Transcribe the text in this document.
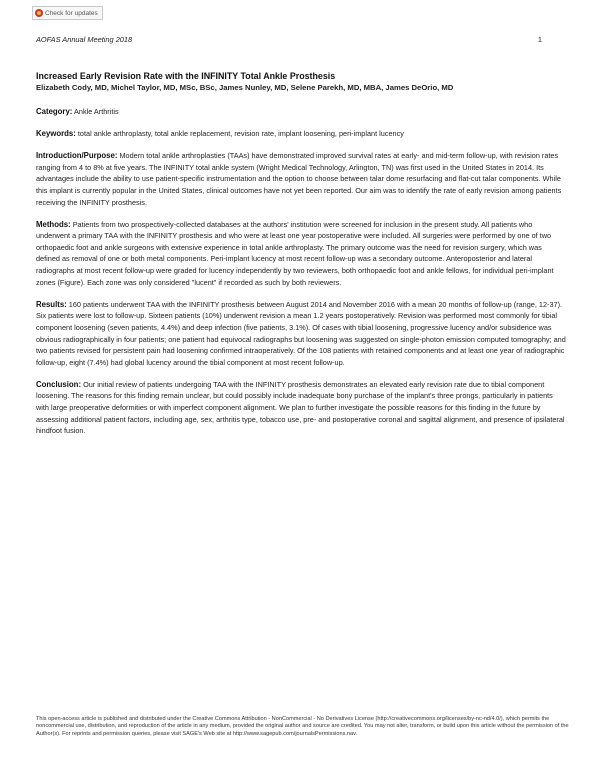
Check for updates
AOFAS Annual Meeting 2018	1

Increased Early Revision Rate with the INFINITY Total Ankle Prosthesis

Elizabeth Cody, MD, Michel Taylor, MD, MSc, BSc, James Nunley, MD, Selene Parekh, MD, MBA, James DeOrio, MD

Category: Ankle Arthritis

Keywords: total ankle arthroplasty, total ankle replacement, revision rate, implant loosening, peri-implant lucency

Introduction/Purpose: Modern total ankle arthroplasties (TAAs) have demonstrated improved survival rates at early- and mid-term follow-up, with revision rates ranging from 4 to 8% at five years. The INFINITY total ankle system (Wright Medical Technology, Arlington, TN) was first used in the United States in 2014. Its advantages include the ability to use patient-specific instrumentation and the option to choose between talar dome resurfacing and flat-cut talar components. While this implant is currently popular in the United States, clinical outcomes have not yet been reported. Our aim was to identify the rate of early revision among patients receiving the INFINITY prosthesis.

Methods: Patients from two prospectively-collected databases at the authors' institution were screened for inclusion in the present study. All patients who underwent a primary TAA with the INFINITY prosthesis and who were at least one year postoperative were included. All surgeries were performed by one of two orthopaedic foot and ankle surgeons with extensive experience in total ankle arthroplasty. The primary outcome was the need for revision surgery, which was defined as removal of one or both metal components. Peri-implant lucency at most recent follow-up was a secondary outcome. Anteroposterior and lateral radiographs at most recent follow-up were graded for lucency independently by two reviewers, both orthopaedic foot and ankle fellows, for individual peri-implant zones (Figure). Each zone was only considered "lucent" if recorded as such by both reviewers.

Results: 160 patients underwent TAA with the INFINITY prosthesis between August 2014 and November 2016 with a mean 20 months of follow-up (range, 12-37). Six patients were lost to follow-up. Sixteen patients (10%) underwent revision a mean 1.2 years postoperatively. Revision was performed most commonly for tibial component loosening (seven patients, 4.4%) and deep infection (five patients, 3.1%). Of cases with tibial loosening, progressive lucency and/or subsidence was obvious radiographically in four patients; one patient had equivocal radiographs but loosening was suggested on single-photon emission computed tomography; and two patients revised for persistent pain had loosening confirmed intraoperatively. Of the 108 patients with retained components and at least one year of radiographic follow-up, eight (7.4%) had global lucency around the tibial component at most recent follow-up.

Conclusion: Our initial review of patients undergoing TAA with the INFINITY prosthesis demonstrates an elevated early revision rate due to tibial component loosening. The reasons for this finding remain unclear, but could possibly include inadequate bony purchase of the implant's three prongs, particularly in patients with large preoperative deformities or with imperfect component alignment. We plan to further investigate the possible reasons for this finding in the future by assessing additional patient factors, including age, sex, arthritis type, tobacco use, pre- and postoperative coronal and sagittal alignment, and presence of ipsilateral hindfoot fusion.

This open-access article is published and distributed under the Creative Commons Attribution - NonCommercial - No Derivatives License (http://creativecommons.org/licenses/by-nc-nd/4.0/), which permits the noncommercial use, distribution, and reproduction of the article in any medium, provided the original author and source are credited. You may not alter, transform, or build upon this article without the permission of the Author(s). For reprints and permission queries, please visit SAGE's Web site at http://www.sagepub.com/journalsPermissions.nav.
